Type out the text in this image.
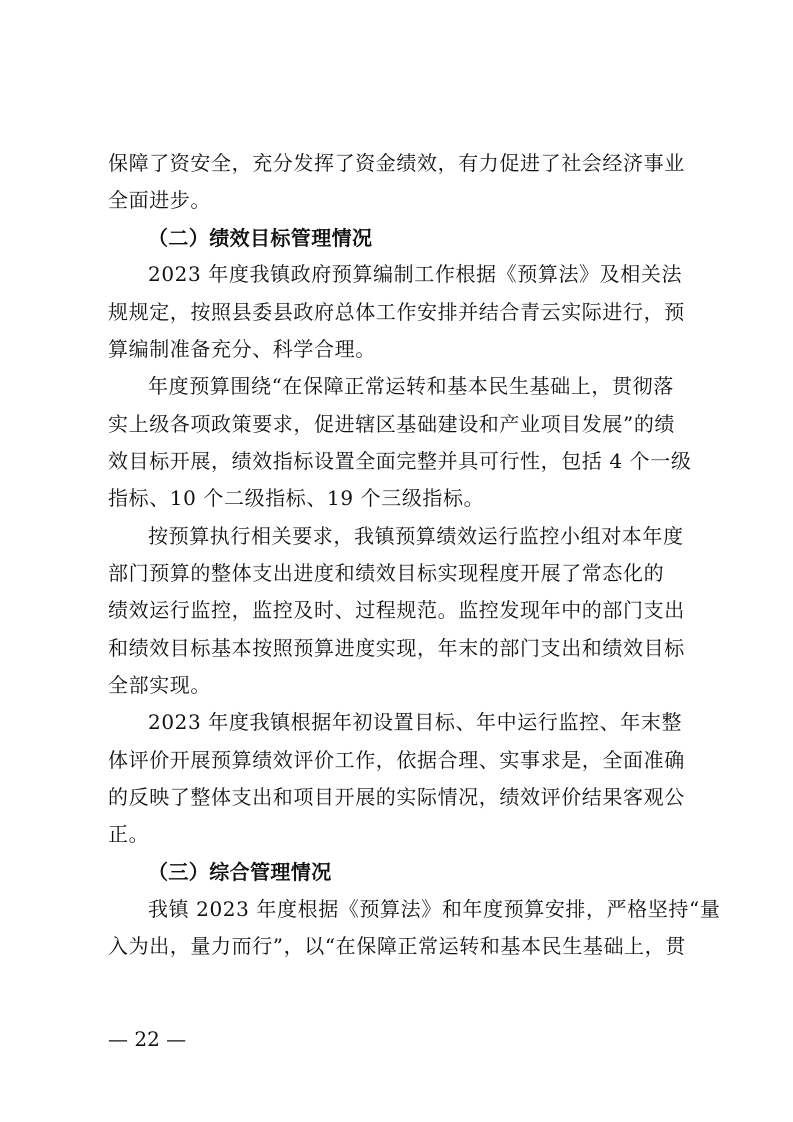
保障了资安全，充分发挥了资金绩效，有力促进了社会经济事业
全面进步。
（二）绩效目标管理情况
2023 年度我镇政府预算编制工作根据《预算法》及相关法
规规定，按照县委县政府总体工作安排并结合青云实际进行，预
算编制准备充分、科学合理。
年度预算围绕“在保障正常运转和基本民生基础上，贯彻落
实上级各项政策要求，促进辖区基础建设和产业项目发展”的绩
效目标开展，绩效指标设置全面完整并具可行性，包括 4 个一级
指标、10 个二级指标、19 个三级指标。
按预算执行相关要求，我镇预算绩效运行监控小组对本年度
部门预算的整体支出进度和绩效目标实现程度开展了常态化的
绩效运行监控，监控及时、过程规范。监控发现年中的部门支出
和绩效目标基本按照预算进度实现，年末的部门支出和绩效目标
全部实现。
2023 年度我镇根据年初设置目标、年中运行监控、年末整
体评价开展预算绩效评价工作，依据合理、实事求是，全面准确
的反映了整体支出和项目开展的实际情况，绩效评价结果客观公
正。
（三）综合管理情况
我镇 2023 年度根据《预算法》和年度预算安排，严格坚持“量
入为出，量力而行”，以“在保障正常运转和基本民生基础上，贯
— 22 —
